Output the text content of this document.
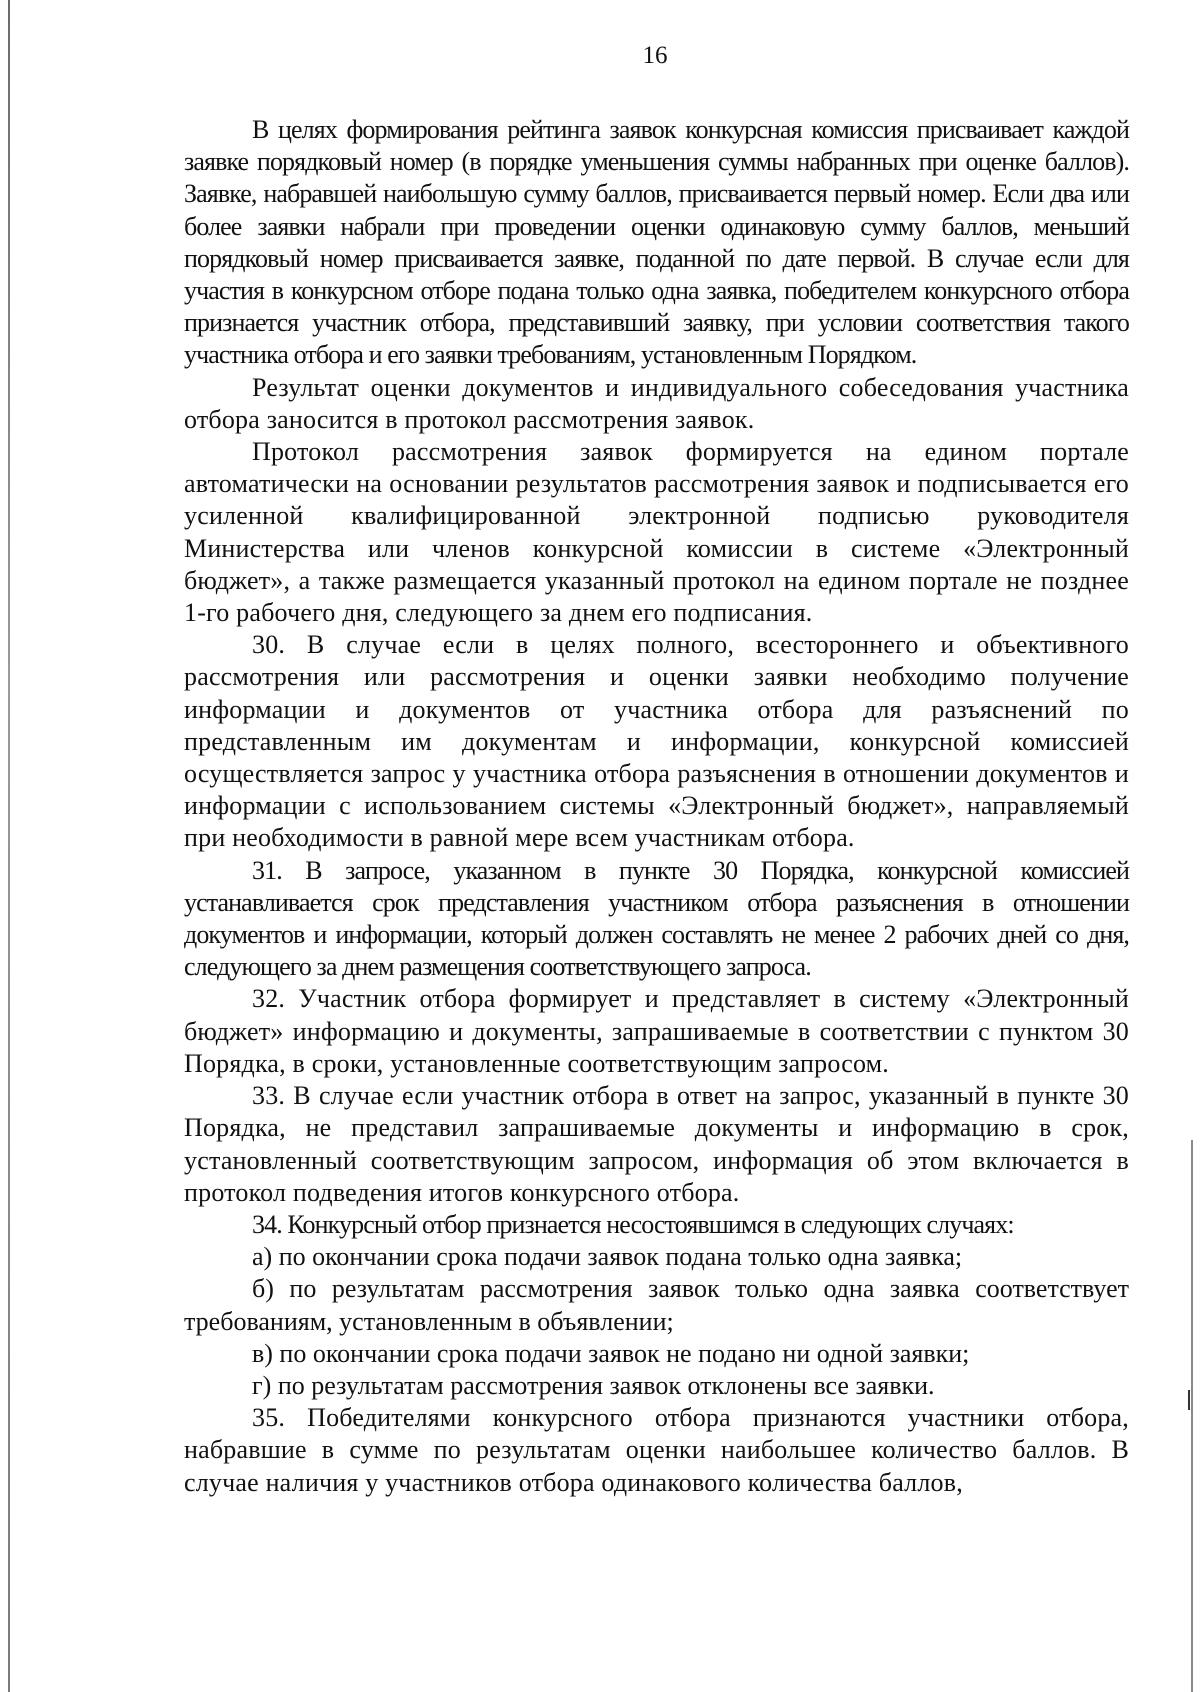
16

В целях формирования рейтинга заявок конкурсная комиссия присваивает каждой заявке порядковый номер (в порядке уменьшения суммы набранных при оценке баллов). Заявке, набравшей наибольшую сумму баллов, присваивается первый номер. Если два или более заявки набрали при проведении оценки одинаковую сумму баллов, меньший порядковый номер присваивается заявке, поданной по дате первой. В случае если для участия в конкурсном отборе подана только одна заявка, победителем конкурсного отбора признается участник отбора, представивший заявку, при условии соответствия такого участника отбора и его заявки требованиям, установленным Порядком.

Результат оценки документов и индивидуального собеседования участника отбора заносится в протокол рассмотрения заявок.

Протокол рассмотрения заявок формируется на едином портале автоматически на основании результатов рассмотрения заявок и подписывается его усиленной квалифицированной электронной подписью руководителя Министерства или членов конкурсной комиссии в системе «Электронный бюджет», а также размещается указанный протокол на едином портале не позднее 1-го рабочего дня, следующего за днем его подписания.

30. В случае если в целях полного, всестороннего и объективного рассмотрения или рассмотрения и оценки заявки необходимо получение информации и документов от участника отбора для разъяснений по представленным им документам и информации, конкурсной комиссией осуществляется запрос у участника отбора разъяснения в отношении документов и информации с использованием системы «Электронный бюджет», направляемый при необходимости в равной мере всем участникам отбора.

31. В запросе, указанном в пункте 30 Порядка, конкурсной комиссией устанавливается срок представления участником отбора разъяснения в отношении документов и информации, который должен составлять не менее 2 рабочих дней со дня, следующего за днем размещения соответствующего запроса.

32. Участник отбора формирует и представляет в систему «Электронный бюджет» информацию и документы, запрашиваемые в соответствии с пунктом 30 Порядка, в сроки, установленные соответствующим запросом.

33. В случае если участник отбора в ответ на запрос, указанный в пункте 30 Порядка, не представил запрашиваемые документы и информацию в срок, установленный соответствующим запросом, информация об этом включается в протокол подведения итогов конкурсного отбора.

34. Конкурсный отбор признается несостоявшимся в следующих случаях:

а) по окончании срока подачи заявок подана только одна заявка;

б) по результатам рассмотрения заявок только одна заявка соответствует требованиям, установленным в объявлении;

в) по окончании срока подачи заявок не подано ни одной заявки;

г) по результатам рассмотрения заявок отклонены все заявки.

35. Победителями конкурсного отбора признаются участники отбора, набравшие в сумме по результатам оценки наибольшее количество баллов. В случае наличия у участников отбора одинакового количества баллов,
